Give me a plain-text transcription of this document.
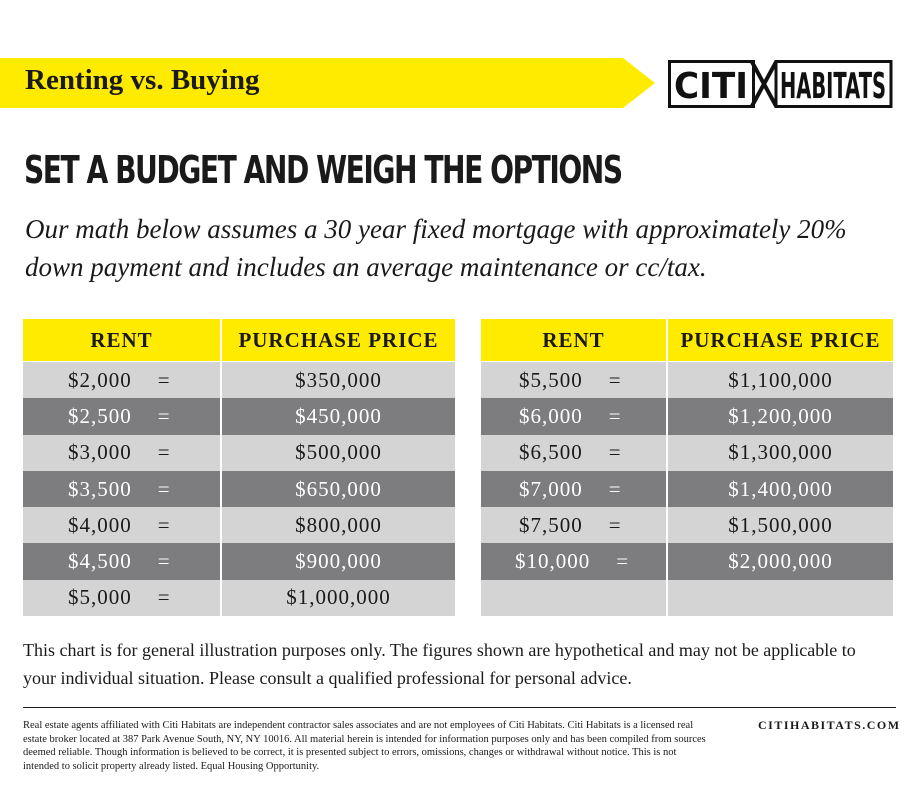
Renting vs. Buying	CITI HABITATS
SET A BUDGET AND WEIGH THE OPTIONS
Our math below assumes a 30 year fixed mortgage with approximately 20% down payment and includes an average maintenance or cc/tax.
RENT	PURCHASE PRICE
$2,000 =	$350,000
$2,500 =	$450,000
$3,000 =	$500,000
$3,500 =	$650,000
$4,000 =	$800,000
$4,500 =	$900,000
$5,000 =	$1,000,000
RENT	PURCHASE PRICE
$5,500 =	$1,100,000
$6,000 =	$1,200,000
$6,500 =	$1,300,000
$7,000 =	$1,400,000
$7,500 =	$1,500,000
$10,000 =	$2,000,000
This chart is for general illustration purposes only. The figures shown are hypothetical and may not be applicable to your individual situation. Please consult a qualified professional for personal advice.
Real estate agents affiliated with Citi Habitats are independent contractor sales associates and are not employees of Citi Habitats. Citi Habitats is a licensed real estate broker located at 387 Park Avenue South, NY, NY 10016. All material herein is intended for information purposes only and has been compiled from sources deemed reliable. Though information is believed to be correct, it is presented subject to errors, omissions, changes or withdrawal without notice. This is not intended to solicit property already listed. Equal Housing Opportunity.
CITIHABITATS.COM
